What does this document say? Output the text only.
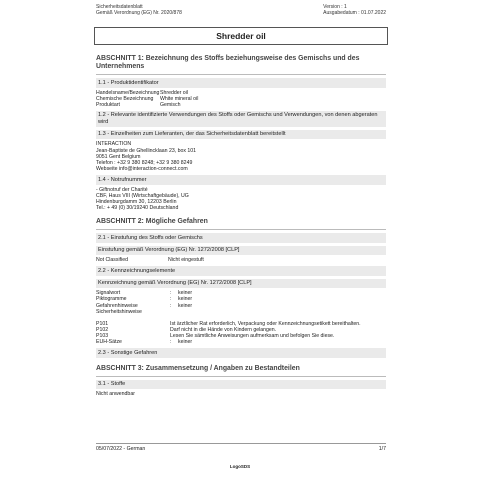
Sicherheitsdatenblatt
Gemäß Verordnung (EG) Nr. 2020/878
Version : 1
Ausgabedatum : 01.07.2022
Shredder oil
ABSCHNITT 1: Bezeichnung des Stoffs beziehungsweise des Gemischs und des Unternehmens
1.1 - Produktidentifikator
Handelsname/Bezeichnung Shredder oil
Chemische Bezeichnung	White mineral oil
Produktart	Gemisch
1.2 - Relevante identifizierte Verwendungen des Stoffs oder Gemischs und Verwendungen, von denen abgeraten wird
1.3 - Einzelheiten zum Lieferanten, der das Sicherheitsdatenblatt bereitstellt
INTERACTION
Jean-Baptiste de Ghellincklaan 23, box 101
9051 Gent Belgium
Telefon : +32 9 380 8248; +32 9 380 8249
Webseite info@interaction-connect.com
1.4 - Notrufnummer
- Giftnotruf der Charité
CBF, Haus VIII (Wirtschaftgebäude), UG
Hindenburgdamm 30, 12203 Berlin
Tel.: + 49 (0) 30/19240 Deutschland
ABSCHNITT 2: Mögliche Gefahren
2.1 - Einstufung des Stoffs oder Gemischs
Einstufung gemäß Verordnung (EG) Nr. 1272/2008 [CLP]
Not Classified	Nicht eingestuft
2.2 - Kennzeichnungselemente
Kennzeichnung gemäß Verordnung (EG) Nr. 1272/2008 [CLP]
Signalwort	:	keiner
Piktogramme	:	keiner
Gefahrenhinweise	:	keiner
Sicherheitshinweise
P101	Ist ärztlicher Rat erforderlich, Verpackung oder Kennzeichnungsetikett bereithalten.
P102	Darf nicht in die Hände von Kindern gelangen.
P103	Lesen Sie sämtliche Anweisungen aufmerksam und befolgen Sie diese.
EUH-Sätze	:	keiner
2.3 - Sonstige Gefahren
ABSCHNITT 3: Zusammensetzung / Angaben zu Bestandteilen
3.1 - Stoffe
Nicht anwendbar
05/07/2022 - German	1/7
LogoSDS
